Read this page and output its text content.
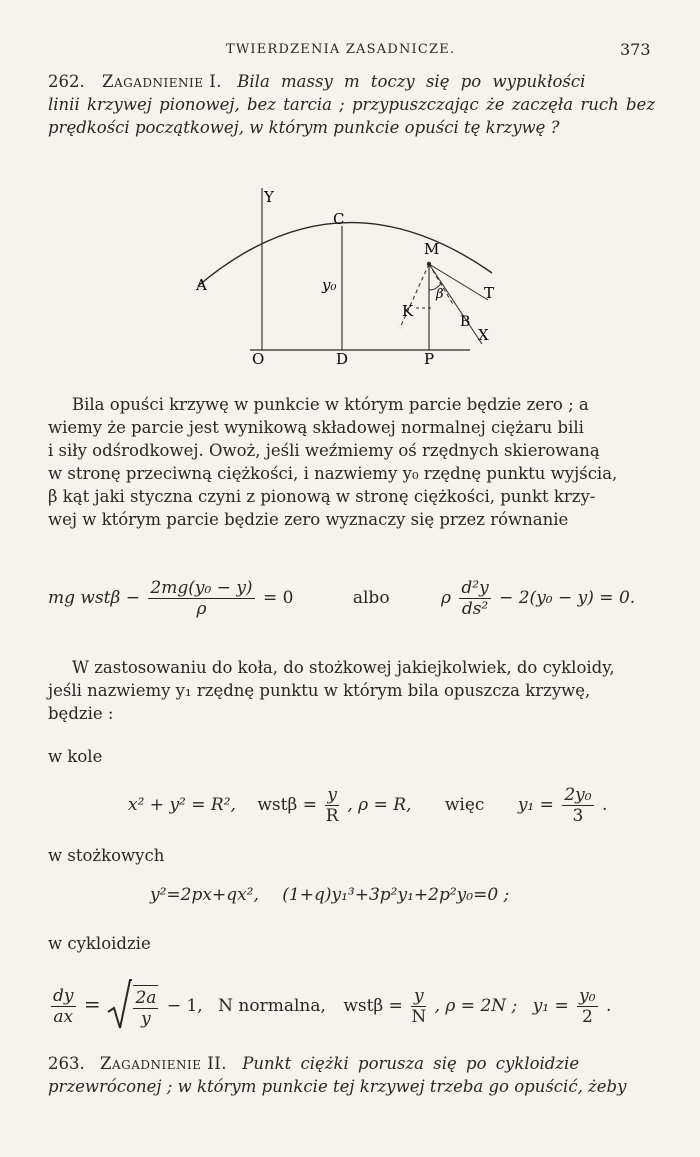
TWIERDZENIA ZASADNICZE.	373
262. Zagadnienie I. Bila massy m toczy się po wypukłości
linii krzywej pionowej, bez tarcia ; przypuszczając że zaczęła ruch bez
prędkości początkowej, w którym punkcie opuści tę krzywę ?
Y
C
M
A	y₀
β
K
T
B
X
O	D	P
Bila opuści krzywę w punkcie w którym parcie będzie zero ; a
wiemy że parcie jest wynikową składowej normalnej ciężaru bili
i siły odśrodkowej. Owoż, jeśli weźmiemy oś rzędnych skierowaną
w stronę przeciwną ciężkości, i nazwiemy y₀ rzędnę punktu wyjścia,
β kąt jaki styczna czyni z pionową w stronę ciężkości, punkt krzy-
wej w którym parcie będzie zero wyznaczy się przez równanie
mg $wst\beta - \frac{\text{2mg(y₀ − y)}}{\rho} = 0$	albo	ρ $\frac{\text{d²y}}{\text{ds²}} - 2(y_0 - y) = 0$.
W zastosowaniu do koła, do stożkowej jakiejkolwiek, do cykloidy,
jeśli nazwiemy y₁ rzędnę punktu w którym bila opuszcza krzywę,
będzie :
w kole
x² + y² = R², $wst\beta = \frac{y}{R}$ , ρ = R, więc $y_1 = \frac{\text{2y₀}}{3}$ .
w stożkowych
y²=2px+qx², (1+q)y₁³+3p²y₁+2p²y₀=0 ;
w cykloidzie
$\frac{dy}{ax} = \frac{2a}{y} - 1$, N normalna, $wst\beta = \frac{y}{N}$ , ρ = 2N ; $y_1 = \frac{\text{y₀}}{2}$ .
263. Zagadnienie II. Punkt ciężki porusza się po cykloidzie
przewróconej ; w którym punkcie tej krzywej trzeba go opuścić, żeby
